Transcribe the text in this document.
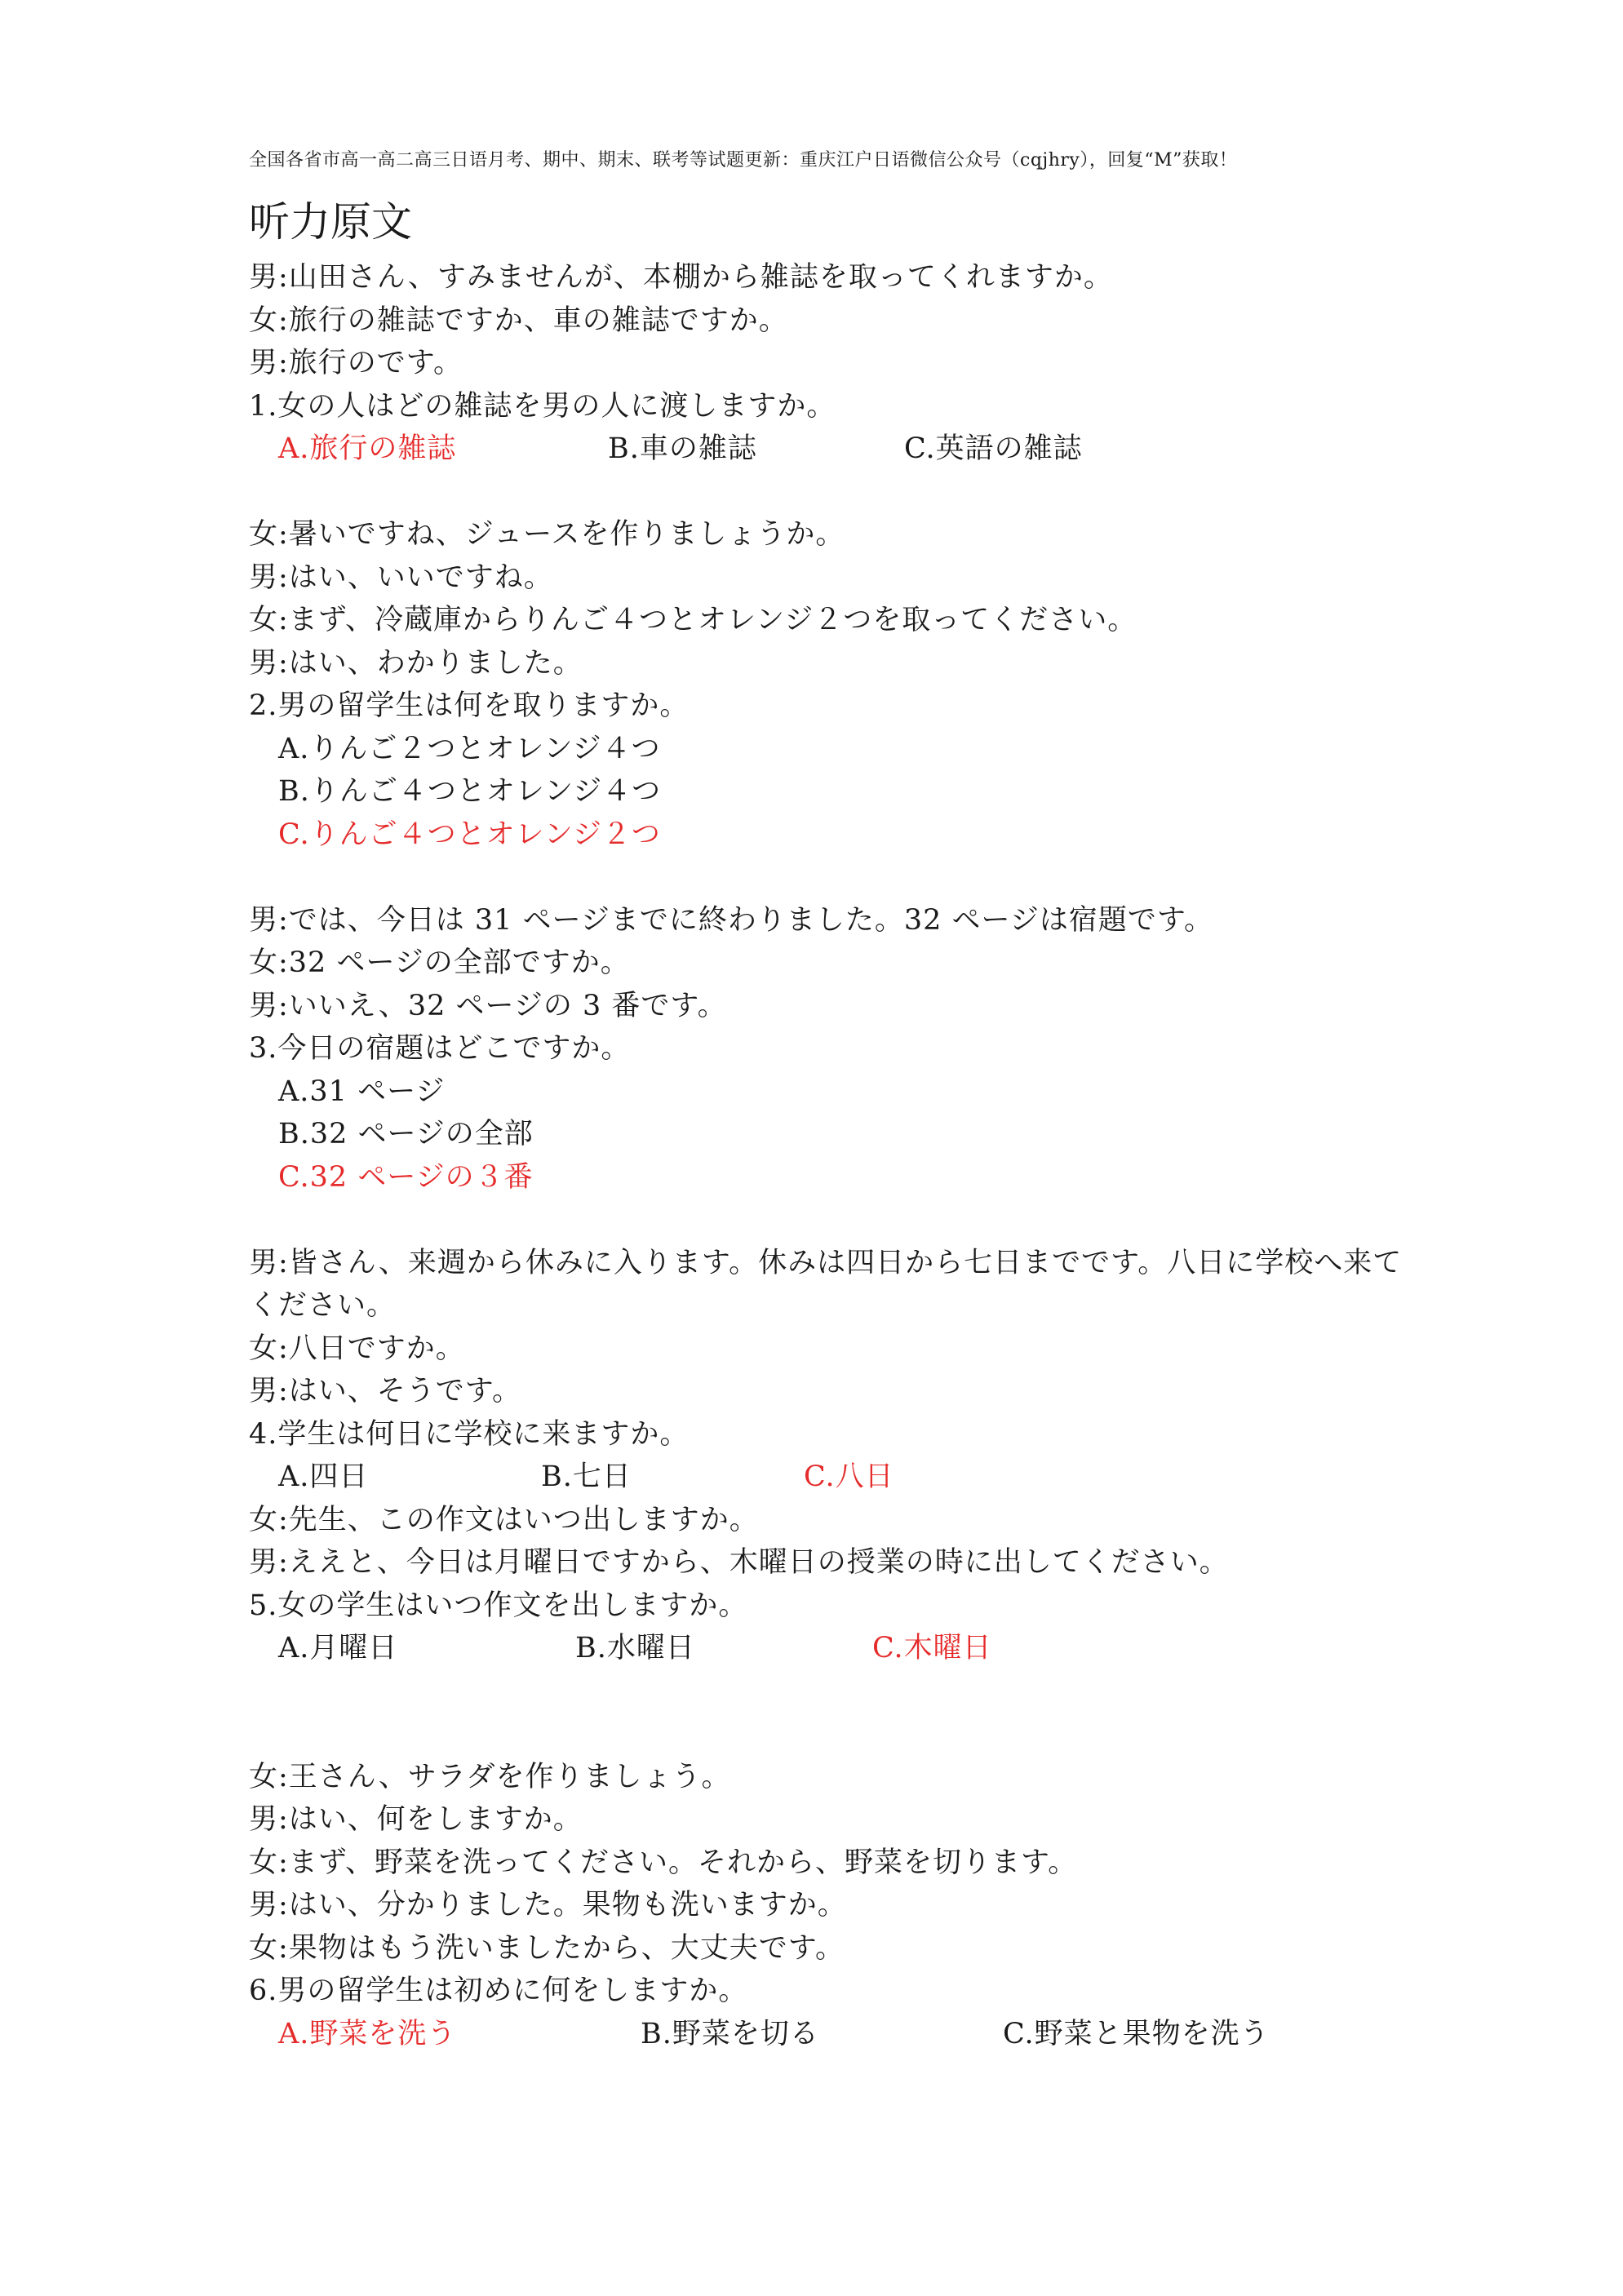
全国各省市高一高二高三日语月考、期中、期末、联考等试题更新：重庆江户日语微信公众号（cqjhry），回复“M”获取！
听力原文
男:山田さん、すみませんが、本棚から雑誌を取ってくれますか。
女:旅行の雑誌ですか、車の雑誌ですか。
男:旅行のです。
1.女の人はどの雑誌を男の人に渡しますか。
A.旅行の雑誌	B.車の雑誌	C.英語の雑誌
女:暑いですね、ジュースを作りましょうか。
男:はい、いいですね。
女:まず、冷蔵庫からりんご４つとオレンジ２つを取ってください。
男:はい、わかりました。
2.男の留学生は何を取りますか。
A.りんご２つとオレンジ４つ
B.りんご４つとオレンジ４つ
C.りんご４つとオレンジ２つ
男:では、今日は 31 ページまでに終わりました。32 ページは宿題です。
女:32 ページの全部ですか。
男:いいえ、32 ページの 3 番です。
3.今日の宿題はどこですか。
A.31 ページ
B.32 ページの全部
C.32 ページの３番
男:皆さん、来週から休みに入ります。休みは四日から七日までです。八日に学校へ来てください。
女:八日ですか。
男:はい、そうです。
4.学生は何日に学校に来ますか。
A.四日	B.七日	C.八日
女:先生、この作文はいつ出しますか。
男:ええと、今日は月曜日ですから、木曜日の授業の時に出してください。
5.女の学生はいつ作文を出しますか。
A.月曜日	B.水曜日	C.木曜日
女:王さん、サラダを作りましょう。
男:はい、何をしますか。
女:まず、野菜を洗ってください。それから、野菜を切ります。
男:はい、分かりました。果物も洗いますか。
女:果物はもう洗いましたから、大丈夫です。
6.男の留学生は初めに何をしますか。
A.野菜を洗う	B.野菜を切る	C.野菜と果物を洗う
